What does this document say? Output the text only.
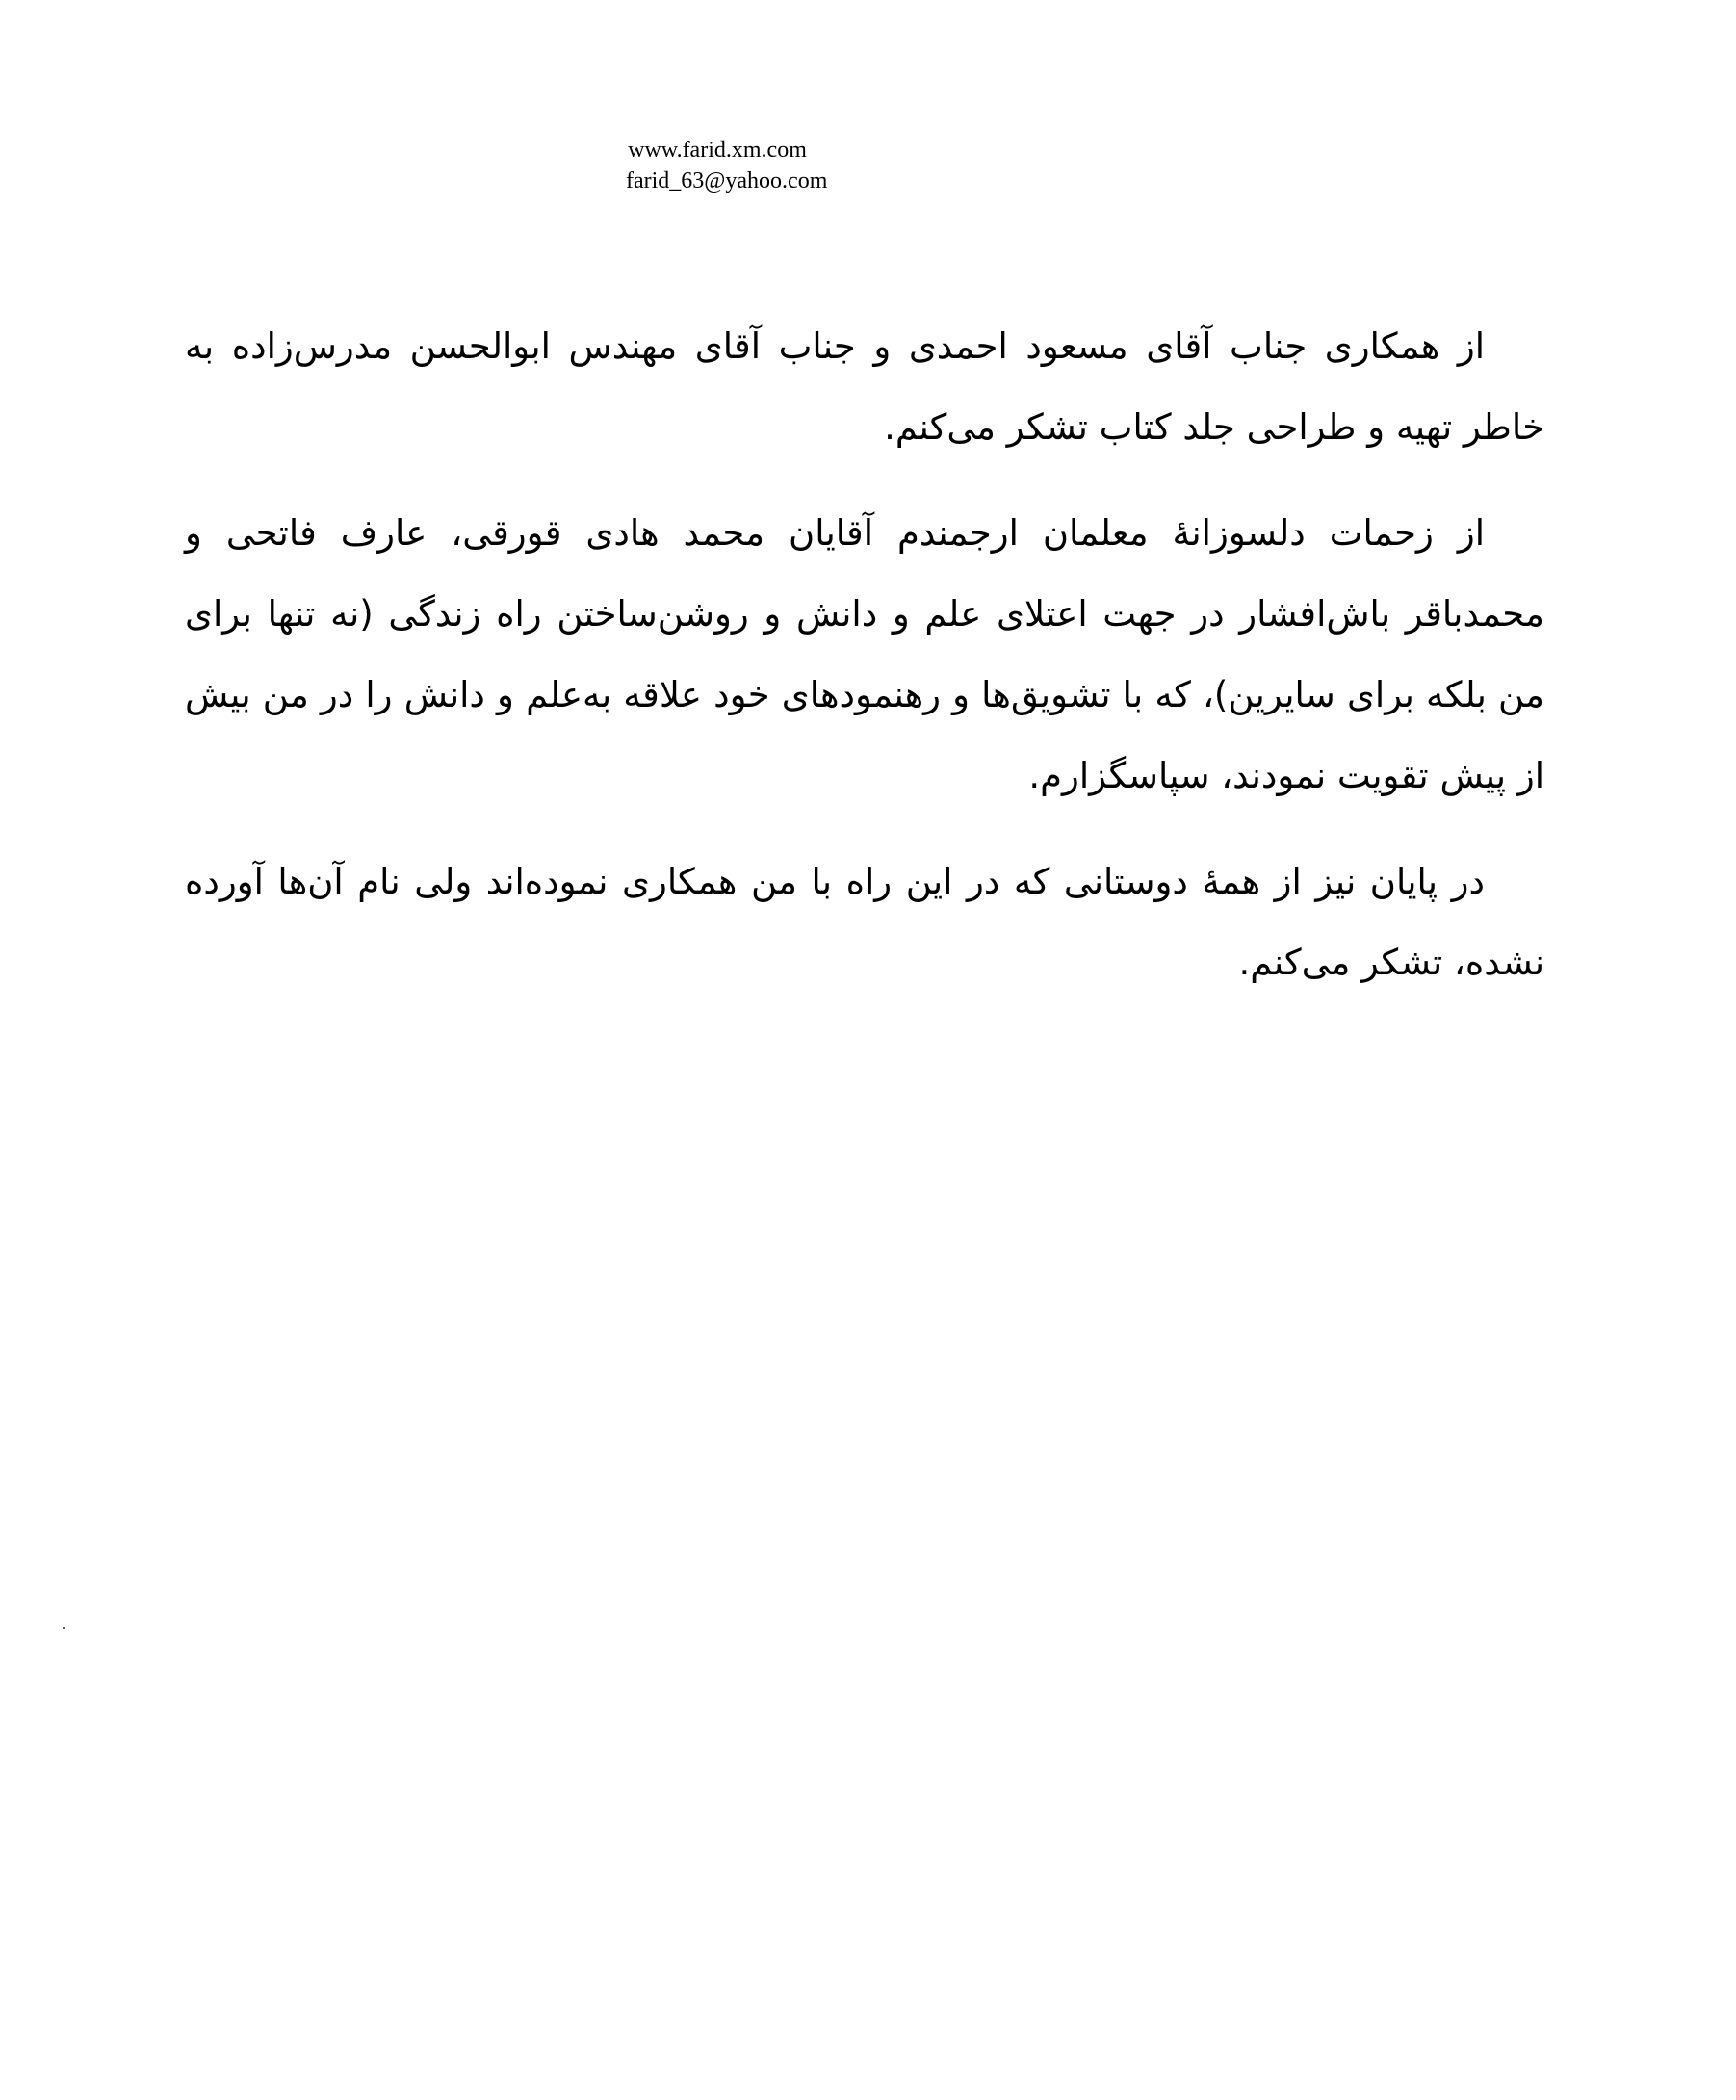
www.farid.xm.com
farid_63@yahoo.com

از همکاری جناب آقای مسعود احمدی و جناب آقای مهندس ابوالحسن مدرس‌زاده به خاطر تهیه و طراحی جلد کتاب تشکر می‌کنم.

از زحمات دلسوزانهٔ معلمان ارجمندم آقایان محمد هادی قورقی، عارف فاتحی و محمدباقر باش‌افشار در جهت اعتلای علم و دانش و روشن‌ساختن راه زندگی (نه تنها برای من بلکه برای سایرین)، که با تشویق‌ها و رهنمودهای خود علاقه به‌علم و دانش را در من بیش از پیش تقویت نمودند، سپاسگزارم.

در پایان نیز از همهٔ دوستانی که در این راه با من همکاری نموده‌اند ولی نام آن‌ها آورده نشده، تشکر می‌کنم.
